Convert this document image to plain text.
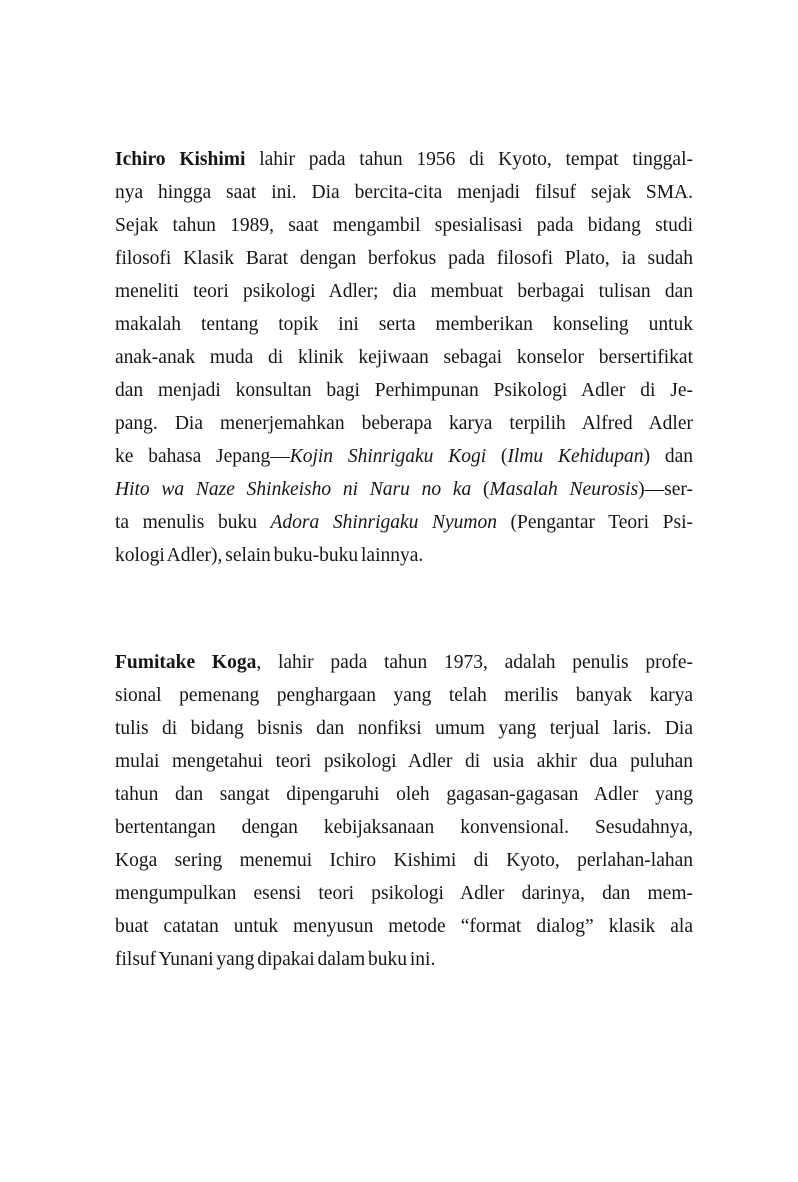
Ichiro Kishimi lahir pada tahun 1956 di Kyoto, tempat tinggal-
nya hingga saat ini. Dia bercita-cita menjadi filsuf sejak SMA.
Sejak tahun 1989, saat mengambil spesialisasi pada bidang studi
filosofi Klasik Barat dengan berfokus pada filosofi Plato, ia sudah
meneliti teori psikologi Adler; dia membuat berbagai tulisan dan
makalah tentang topik ini serta memberikan konseling untuk
anak-anak muda di klinik kejiwaan sebagai konselor bersertifikat
dan menjadi konsultan bagi Perhimpunan Psikologi Adler di Je-
pang. Dia menerjemahkan beberapa karya terpilih Alfred Adler
ke bahasa Jepang—Kojin Shinrigaku Kogi (Ilmu Kehidupan) dan
Hito wa Naze Shinkeisho ni Naru no ka (Masalah Neurosis)—ser-
ta menulis buku Adora Shinrigaku Nyumon (Pengantar Teori Psi-
kologi Adler), selain buku-buku lainnya.
Fumitake Koga, lahir pada tahun 1973, adalah penulis profe-
sional pemenang penghargaan yang telah merilis banyak karya
tulis di bidang bisnis dan nonfiksi umum yang terjual laris. Dia
mulai mengetahui teori psikologi Adler di usia akhir dua puluhan
tahun dan sangat dipengaruhi oleh gagasan-gagasan Adler yang
bertentangan dengan kebijaksanaan konvensional. Sesudahnya,
Koga sering menemui Ichiro Kishimi di Kyoto, perlahan-lahan
mengumpulkan esensi teori psikologi Adler darinya, dan mem-
buat catatan untuk menyusun metode “format dialog” klasik ala
filsuf Yunani yang dipakai dalam buku ini.
